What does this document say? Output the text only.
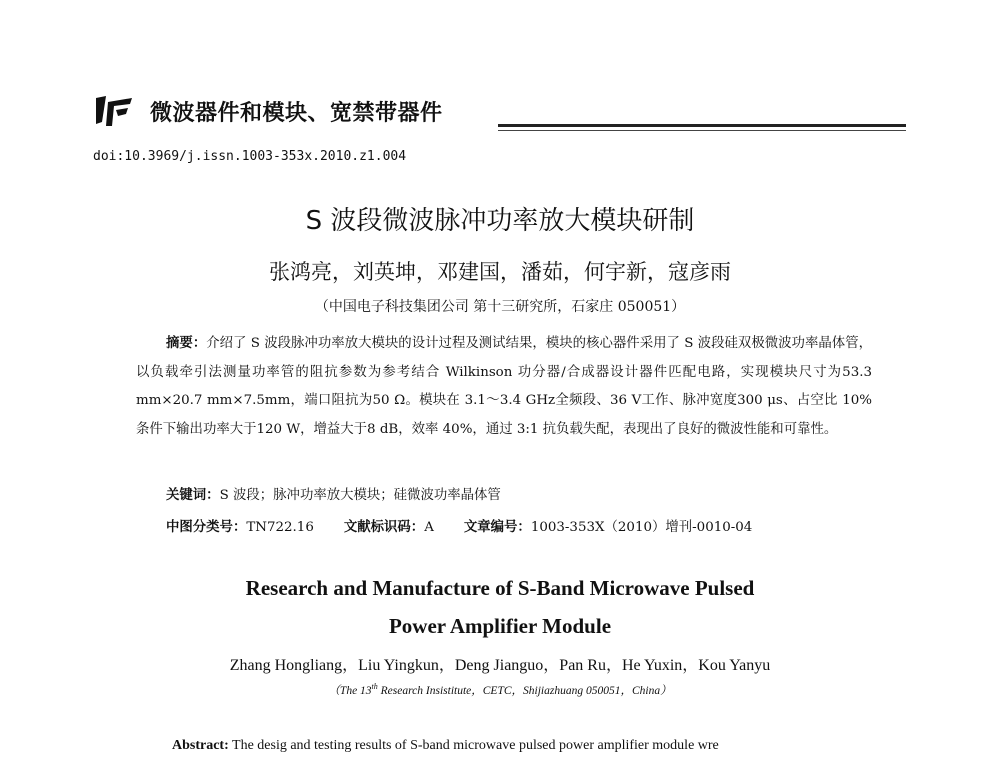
微波器件和模块、宽禁带器件
doi:10.3969/j.issn.1003-353x.2010.z1.004
S 波段微波脉冲功率放大模块研制
张鸿亮，刘英坤，邓建国，潘茹，何宇新，寇彦雨
（中国电子科技集团公司 第十三研究所，石家庄 050051）
摘要：介绍了 S 波段脉冲功率放大模块的设计过程及测试结果，模块的核心器件采用了 S 波段硅双极微波功率晶体管，以负载牵引法测量功率管的阻抗参数为参考结合 Wilkinson 功分器/合成器设计器件匹配电路，实现模块尺寸为53.3 mm×20.7 mm×7.5mm，端口阻抗为50 Ω。模块在 3.1～3.4 GHz全频段、36 V工作、脉冲宽度300 μs、占空比 10%条件下输出功率大于120 W，增益大于8 dB，效率 40%，通过 3:1 抗负载失配，表现出了良好的微波性能和可靠性。
关键词：S 波段；脉冲功率放大模块；硅微波功率晶体管
中图分类号：TN722.16 文献标识码：A 文章编号：1003-353X（2010）增刊-0010-04
Research and Manufacture of S-Band Microwave Pulsed
Power Amplifier Module
Zhang Hongliang，Liu Yingkun，Deng Jianguo，Pan Ru，He Yuxin，Kou Yanyu
（The 13th Research Insistitute，CETC，Shijiazhuang 050051，China）
Abstract: The desig and testing results of S-band microwave pulsed power amplifier module wre
